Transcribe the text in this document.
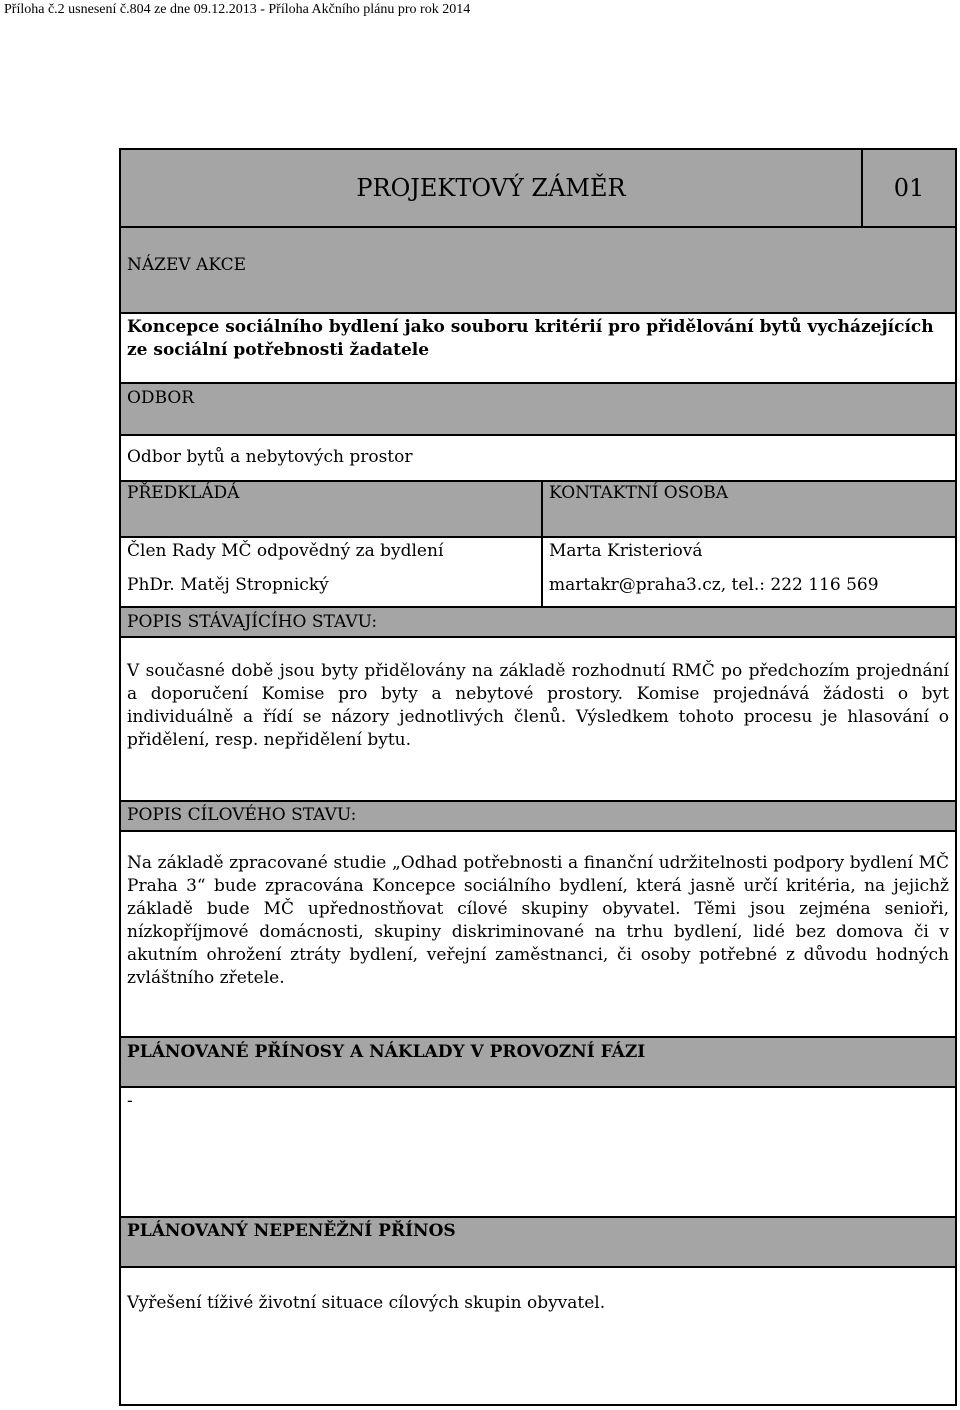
Příloha č.2 usnesení č.804 ze dne 09.12.2013 - Příloha Akčního plánu pro rok 2014
PROJEKTOVÝ ZÁMĚR	01
NÁZEV AKCE
Koncepce sociálního bydlení jako souboru kritérií pro přidělování bytů vycházejících ze sociální potřebnosti žadatele
ODBOR
Odbor bytů a nebytových prostor
PŘEDKLÁDÁ	KONTAKTNÍ OSOBA
Člen Rady MČ odpovědný za bydlení
PhDr. Matěj Stropnický
Marta Kristeriová
martakr@praha3.cz, tel.: 222 116 569
POPIS STÁVAJÍCÍHO STAVU:
V současné době jsou byty přidělovány na základě rozhodnutí RMČ po předchozím projednání a doporučení Komise pro byty a nebytové prostory. Komise projednává žádosti o byt individuálně a řídí se názory jednotlivých členů. Výsledkem tohoto procesu je hlasování o přidělení, resp. nepřidělení bytu.
POPIS CÍLOVÉHO STAVU:
Na základě zpracované studie „Odhad potřebnosti a finanční udržitelnosti podpory bydlení MČ Praha 3“ bude zpracována Koncepce sociálního bydlení, která jasně určí kritéria, na jejichž základě bude MČ upřednostňovat cílové skupiny obyvatel. Těmi jsou zejména senioři, nízkopříjmové domácnosti, skupiny diskriminované na trhu bydlení, lidé bez domova či v akutním ohrožení ztráty bydlení, veřejní zaměstnanci, či osoby potřebné z důvodu hodných zvláštního zřetele.
PLÁNOVANÉ PŘÍNOSY A NÁKLADY V PROVOZNÍ FÁZI
-
PLÁNOVANÝ NEPENĚŽNÍ PŘÍNOS
Vyřešení tíživé životní situace cílových skupin obyvatel.
